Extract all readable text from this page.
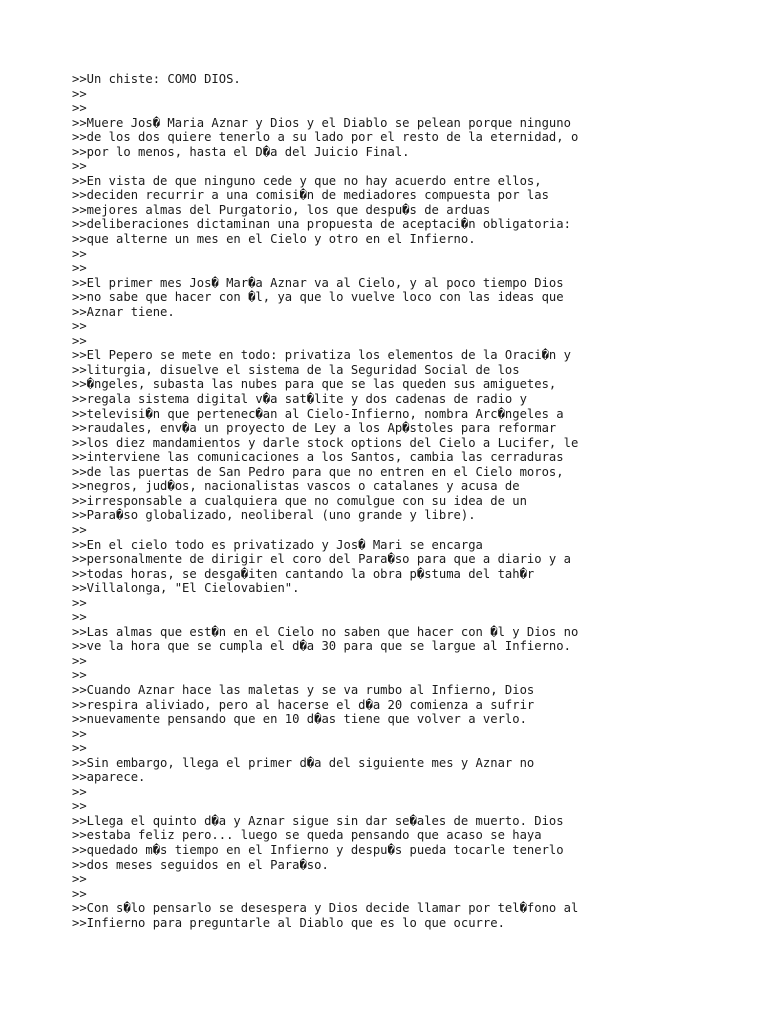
>>Un chiste: COMO DIOS.
>>
>>
>>Muere Jos� Maria Aznar y Dios y el Diablo se pelean porque ninguno
>>de los dos quiere tenerlo a su lado por el resto de la eternidad, o
>>por lo menos, hasta el D�a del Juicio Final.
>>
>>En vista de que ninguno cede y que no hay acuerdo entre ellos,
>>deciden recurrir a una comisi�n de mediadores compuesta por las
>>mejores almas del Purgatorio, los que despu�s de arduas
>>deliberaciones dictaminan una propuesta de aceptaci�n obligatoria:
>>que alterne un mes en el Cielo y otro en el Infierno.
>>
>>
>>El primer mes Jos� Mar�a Aznar va al Cielo, y al poco tiempo Dios
>>no sabe que hacer con �l, ya que lo vuelve loco con las ideas que
>>Aznar tiene.
>>
>>
>>El Pepero se mete en todo: privatiza los elementos de la Oraci�n y
>>liturgia, disuelve el sistema de la Seguridad Social de los
>>�ngeles, subasta las nubes para que se las queden sus amiguetes,
>>regala sistema digital v�a sat�lite y dos cadenas de radio y
>>televisi�n que pertenec�an al Cielo-Infierno, nombra Arc�ngeles a
>>raudales, env�a un proyecto de Ley a los Ap�stoles para reformar
>>los diez mandamientos y darle stock options del Cielo a Lucifer, le
>>interviene las comunicaciones a los Santos, cambia las cerraduras
>>de las puertas de San Pedro para que no entren en el Cielo moros,
>>negros, jud�os, nacionalistas vascos o catalanes y acusa de
>>irresponsable a cualquiera que no comulgue con su idea de un
>>Para�so globalizado, neoliberal (uno grande y libre).
>>
>>En el cielo todo es privatizado y Jos� Mari se encarga
>>personalmente de dirigir el coro del Para�so para que a diario y a
>>todas horas, se desga�iten cantando la obra p�stuma del tah�r
>>Villalonga, "El Cielovabien".
>>
>>
>>Las almas que est�n en el Cielo no saben que hacer con �l y Dios no
>>ve la hora que se cumpla el d�a 30 para que se largue al Infierno.
>>
>>
>>Cuando Aznar hace las maletas y se va rumbo al Infierno, Dios
>>respira aliviado, pero al hacerse el d�a 20 comienza a sufrir
>>nuevamente pensando que en 10 d�as tiene que volver a verlo.
>>
>>
>>Sin embargo, llega el primer d�a del siguiente mes y Aznar no
>>aparece.
>>
>>
>>Llega el quinto d�a y Aznar sigue sin dar se�ales de muerto. Dios
>>estaba feliz pero... luego se queda pensando que acaso se haya
>>quedado m�s tiempo en el Infierno y despu�s pueda tocarle tenerlo
>>dos meses seguidos en el Para�so.
>>
>>
>>Con s�lo pensarlo se desespera y Dios decide llamar por tel�fono al
>>Infierno para preguntarle al Diablo que es lo que ocurre.
